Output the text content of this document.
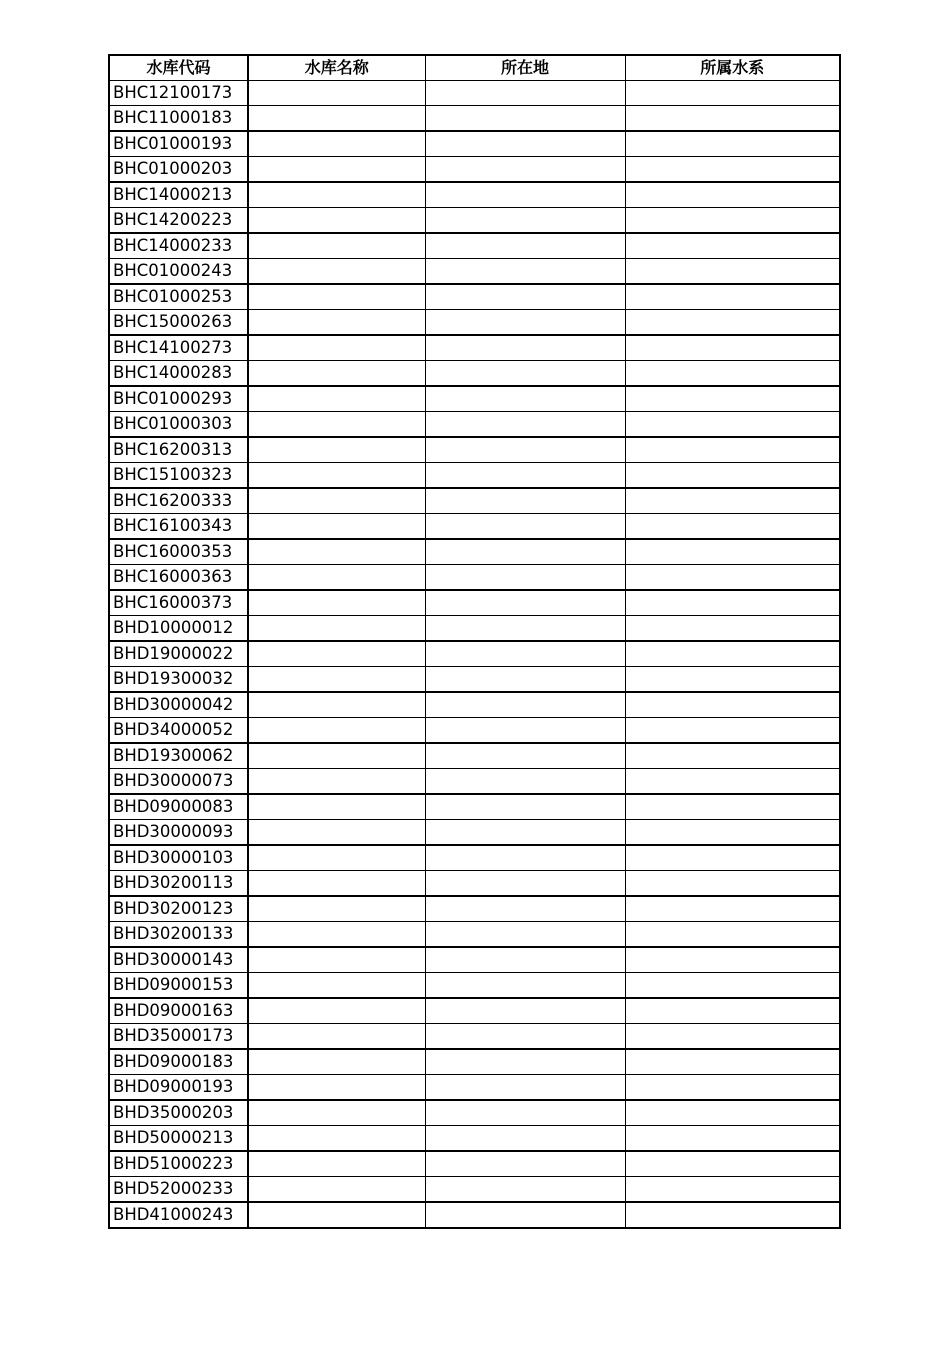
水库代码	水库名称	所在地	所属水系
BHC12100173			
BHC11000183			
BHC01000193			
BHC01000203			
BHC14000213			
BHC14200223			
BHC14000233			
BHC01000243			
BHC01000253			
BHC15000263			
BHC14100273			
BHC14000283			
BHC01000293			
BHC01000303			
BHC16200313			
BHC15100323			
BHC16200333			
BHC16100343			
BHC16000353			
BHC16000363			
BHC16000373			
BHD10000012			
BHD19000022			
BHD19300032			
BHD30000042			
BHD34000052			
BHD19300062			
BHD30000073			
BHD09000083			
BHD30000093			
BHD30000103			
BHD30200113			
BHD30200123			
BHD30200133			
BHD30000143			
BHD09000153			
BHD09000163			
BHD35000173			
BHD09000183			
BHD09000193			
BHD35000203			
BHD50000213			
BHD51000223			
BHD52000233			
BHD41000243			
